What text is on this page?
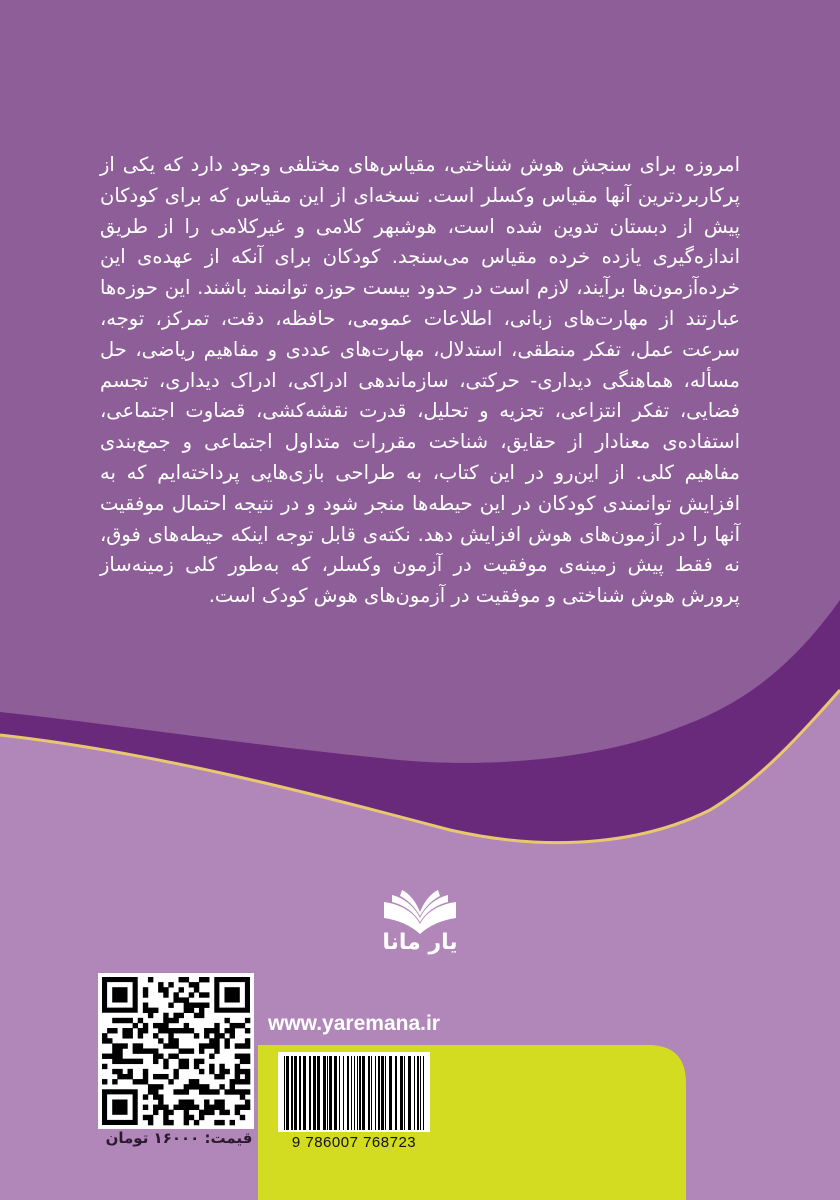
امروزه برای سنجش هوش شناختی، مقیاس‌های مختلفی وجود دارد که یکی از پرکاربردترین آنها مقیاس وکسلر است. نسخه‌ای از این مقیاس که برای کودکان پیش از دبستان تدوین شده است، هوشبهر کلامی و غیرکلامی را از طریق اندازه‌گیری یازده خرده مقیاس می‌سنجد. کودکان برای آنکه از عهده‌ی این خرده‌آزمون‌ها برآیند، لازم است در حدود بیست حوزه توانمند باشند. این حوزه‌ها عبارتند از مهارت‌های زبانی، اطلاعات عمومی، حافظه، دقت، تمرکز، توجه، سرعت عمل، تفکر منطقی، استدلال، مهارت‌های عددی و مفاهیم ریاضی، حل مسأله، هماهنگی دیداری- حرکتی، سازماندهی ادراکی، ادراک دیداری، تجسم فضایی، تفکر انتزاعی، تجزیه و تحلیل، قدرت نقشه‌کشی، قضاوت اجتماعی، استفاده‌ی معنادار از حقایق، شناخت مقررات متداول اجتماعی و جمع‌بندی مفاهیم کلی. از این‌رو در این کتاب، به طراحی بازی‌هایی پرداخته‌ایم که به افزایش توانمندی کودکان در این حیطه‌ها منجر شود و در نتیجه احتمال موفقیت آنها را در آزمون‌های هوش افزایش دهد. نکته‌ی قابل توجه اینکه حیطه‌های فوق، نه فقط پیش زمینه‌ی موفقیت در آزمون وکسلر، که به‌طور کلی زمینه‌ساز پرورش هوش شناختی و موفقیت در آزمون‌های هوش کودک است.
یار مانا
www.yaremana.ir
قیمت: ۱۶۰۰۰ تومان	9 786007 768723
